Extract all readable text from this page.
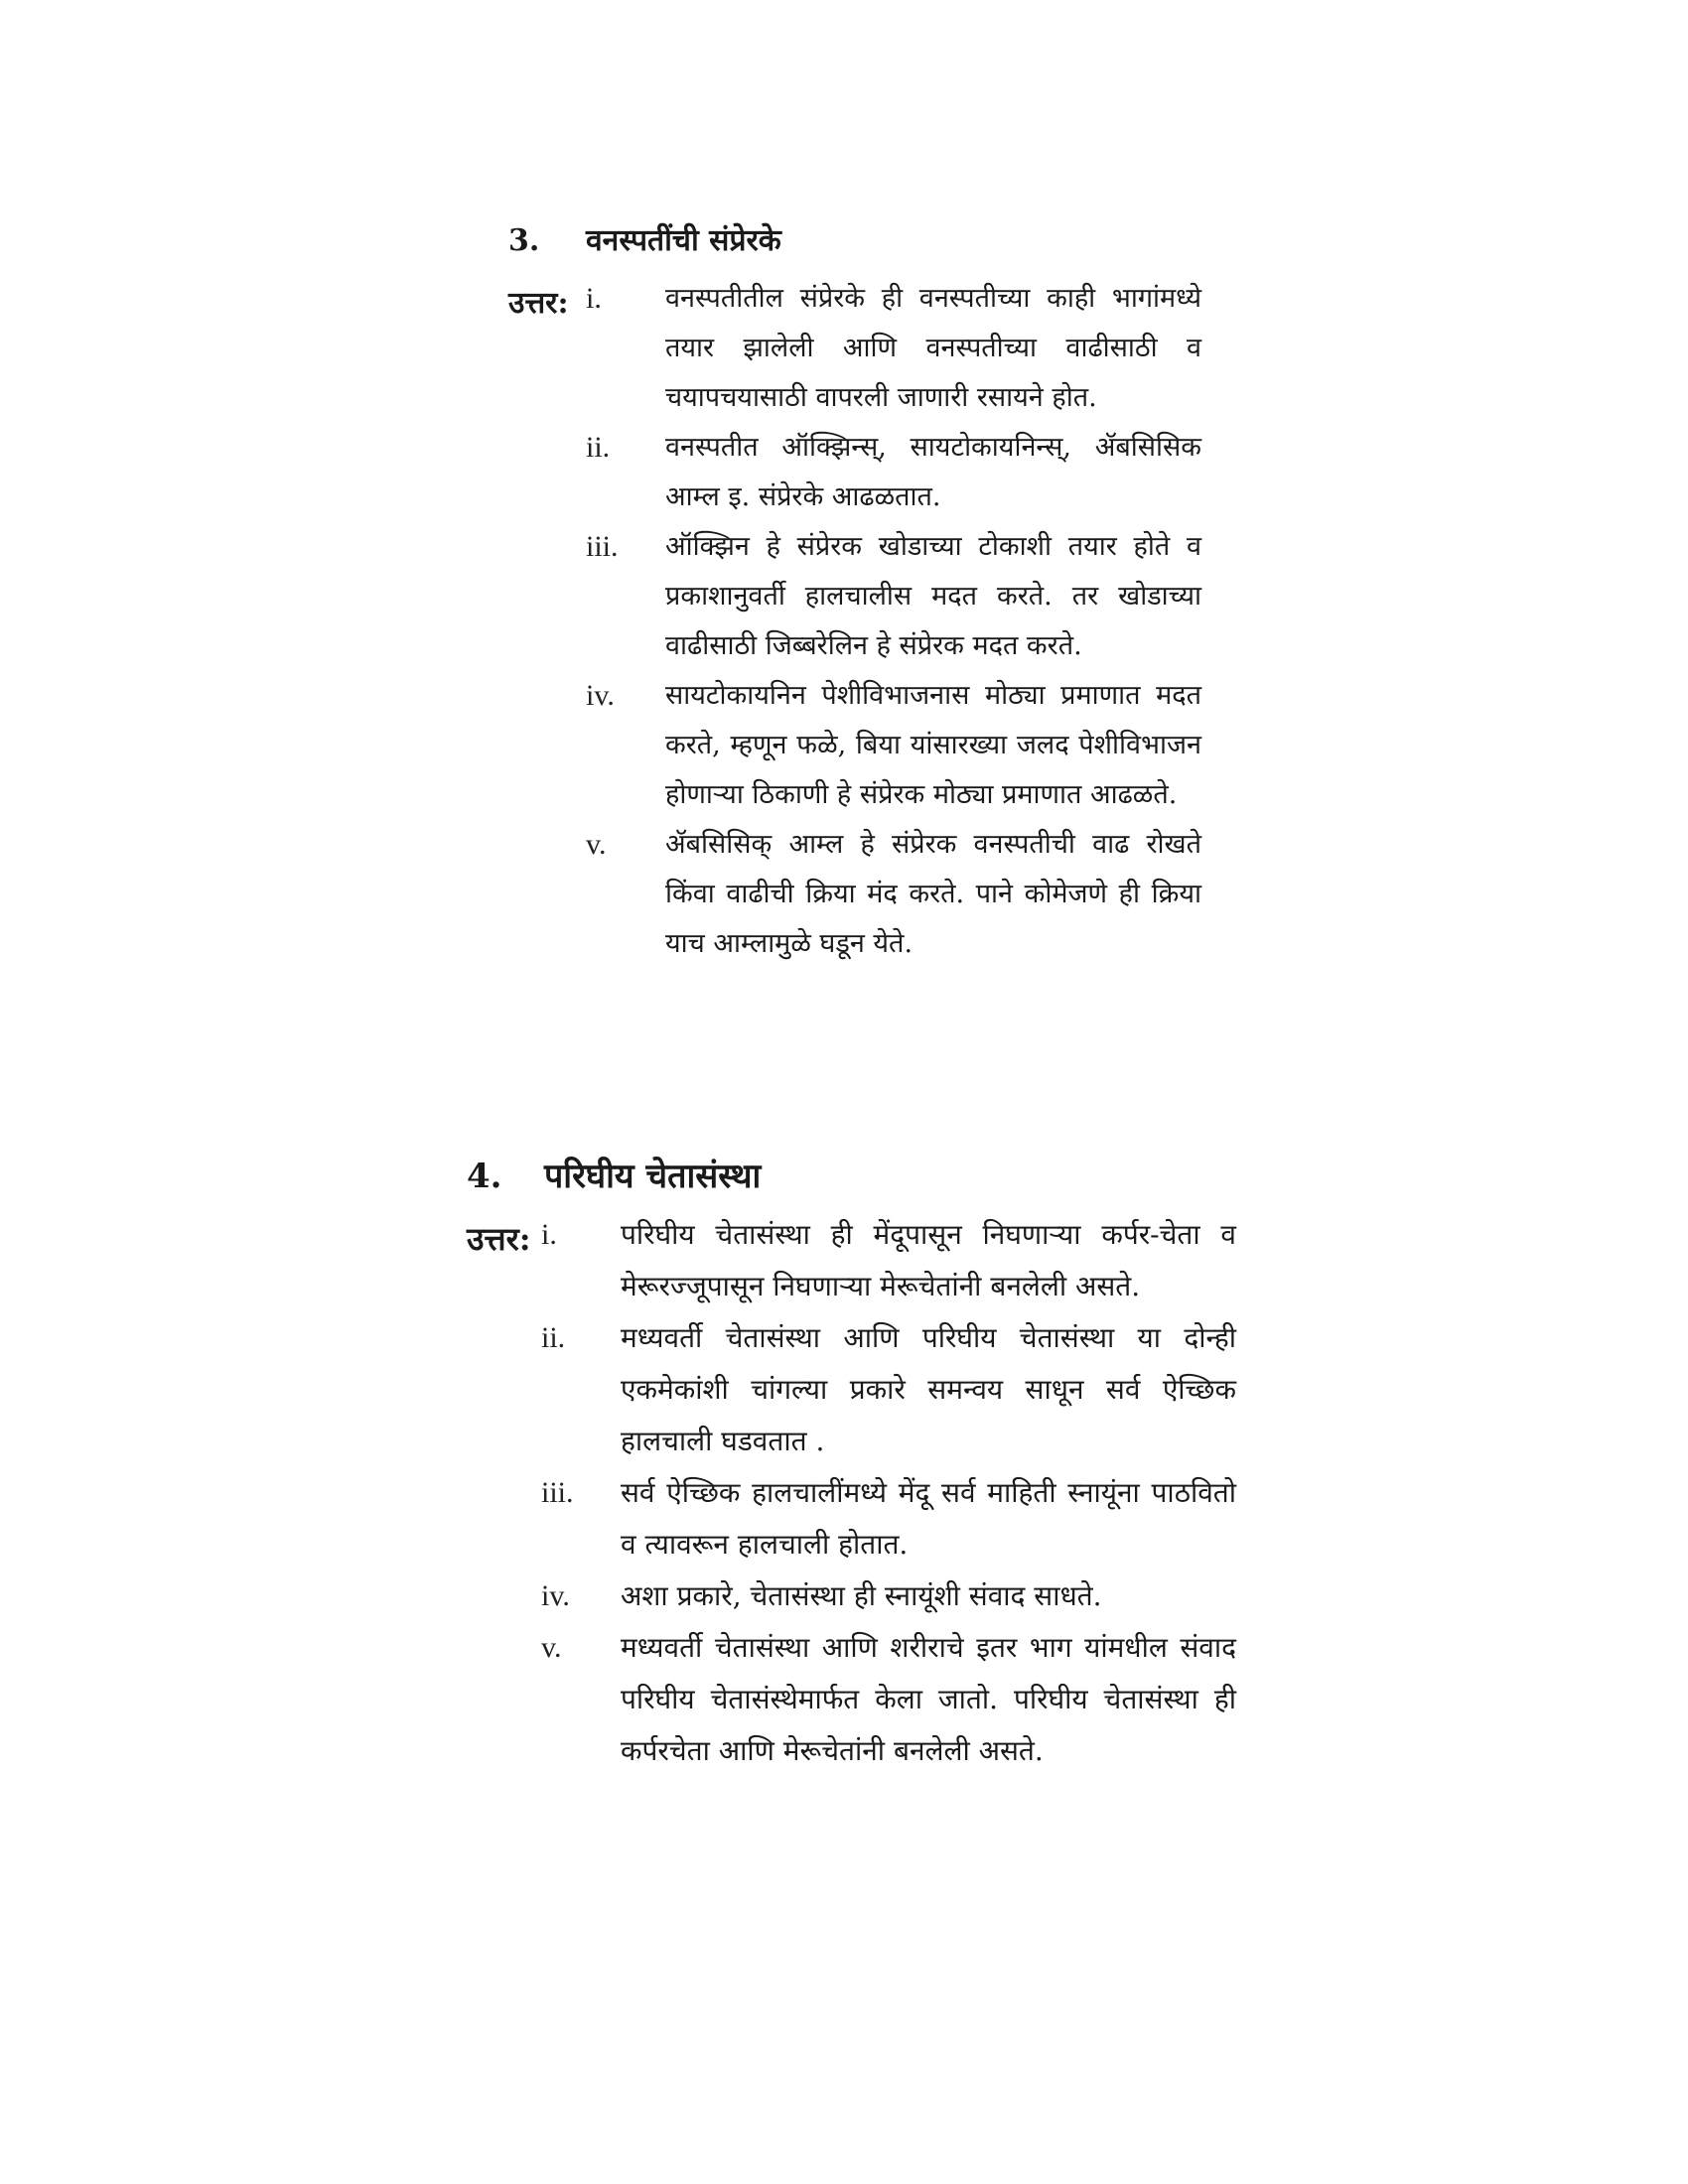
3.	वनस्पतींची संप्रेरके
उत्तर: i.	वनस्पतीतील संप्रेरके ही वनस्पतीच्या काही भागांमध्ये तयार झालेली आणि वनस्पतीच्या वाढीसाठी व चयापचयासाठी वापरली जाणारी रसायने होत.
ii.	वनस्पतीत ऑक्झिन्स्, सायटोकायनिन्स्, ॲबसिसिक आम्ल इ. संप्रेरके आढळतात.
iii.	ऑक्झिन हे संप्रेरक खोडाच्या टोकाशी तयार होते व प्रकाशानुवर्ती हालचालीस मदत करते. तर खोडाच्या वाढीसाठी जिब्बरेलिन हे संप्रेरक मदत करते.
iv.	सायटोकायनिन पेशीविभाजनास मोठ्या प्रमाणात मदत करते, म्हणून फळे, बिया यांसारख्या जलद पेशीविभाजन होणाऱ्या ठिकाणी हे संप्रेरक मोठ्या प्रमाणात आढळते.
v.	ॲबसिसिक् आम्ल हे संप्रेरक वनस्पतीची वाढ रोखते किंवा वाढीची क्रिया मंद करते. पाने कोमेजणे ही क्रिया याच आम्लामुळे घडून येते.
4.	परिघीय चेतासंस्था
उत्तर: i.	परिघीय चेतासंस्था ही मेंदूपासून निघणाऱ्या कर्पर-चेता व मेरूरज्जूपासून निघणाऱ्या मेरूचेतांनी बनलेली असते.
ii.	मध्यवर्ती चेतासंस्था आणि परिघीय चेतासंस्था या दोन्ही एकमेकांशी चांगल्या प्रकारे समन्वय साधून सर्व ऐच्छिक हालचाली घडवतात .
iii.	सर्व ऐच्छिक हालचालींमध्ये मेंदू सर्व माहिती स्नायूंना पाठवितो व त्यावरून हालचाली होतात.
iv.	अशा प्रकारे, चेतासंस्था ही स्नायूंशी संवाद साधते.
v.	मध्यवर्ती चेतासंस्था आणि शरीराचे इतर भाग यांमधील संवाद परिघीय चेतासंस्थेमार्फत केला जातो. परिघीय चेतासंस्था ही कर्परचेता आणि मेरूचेतांनी बनलेली असते.
